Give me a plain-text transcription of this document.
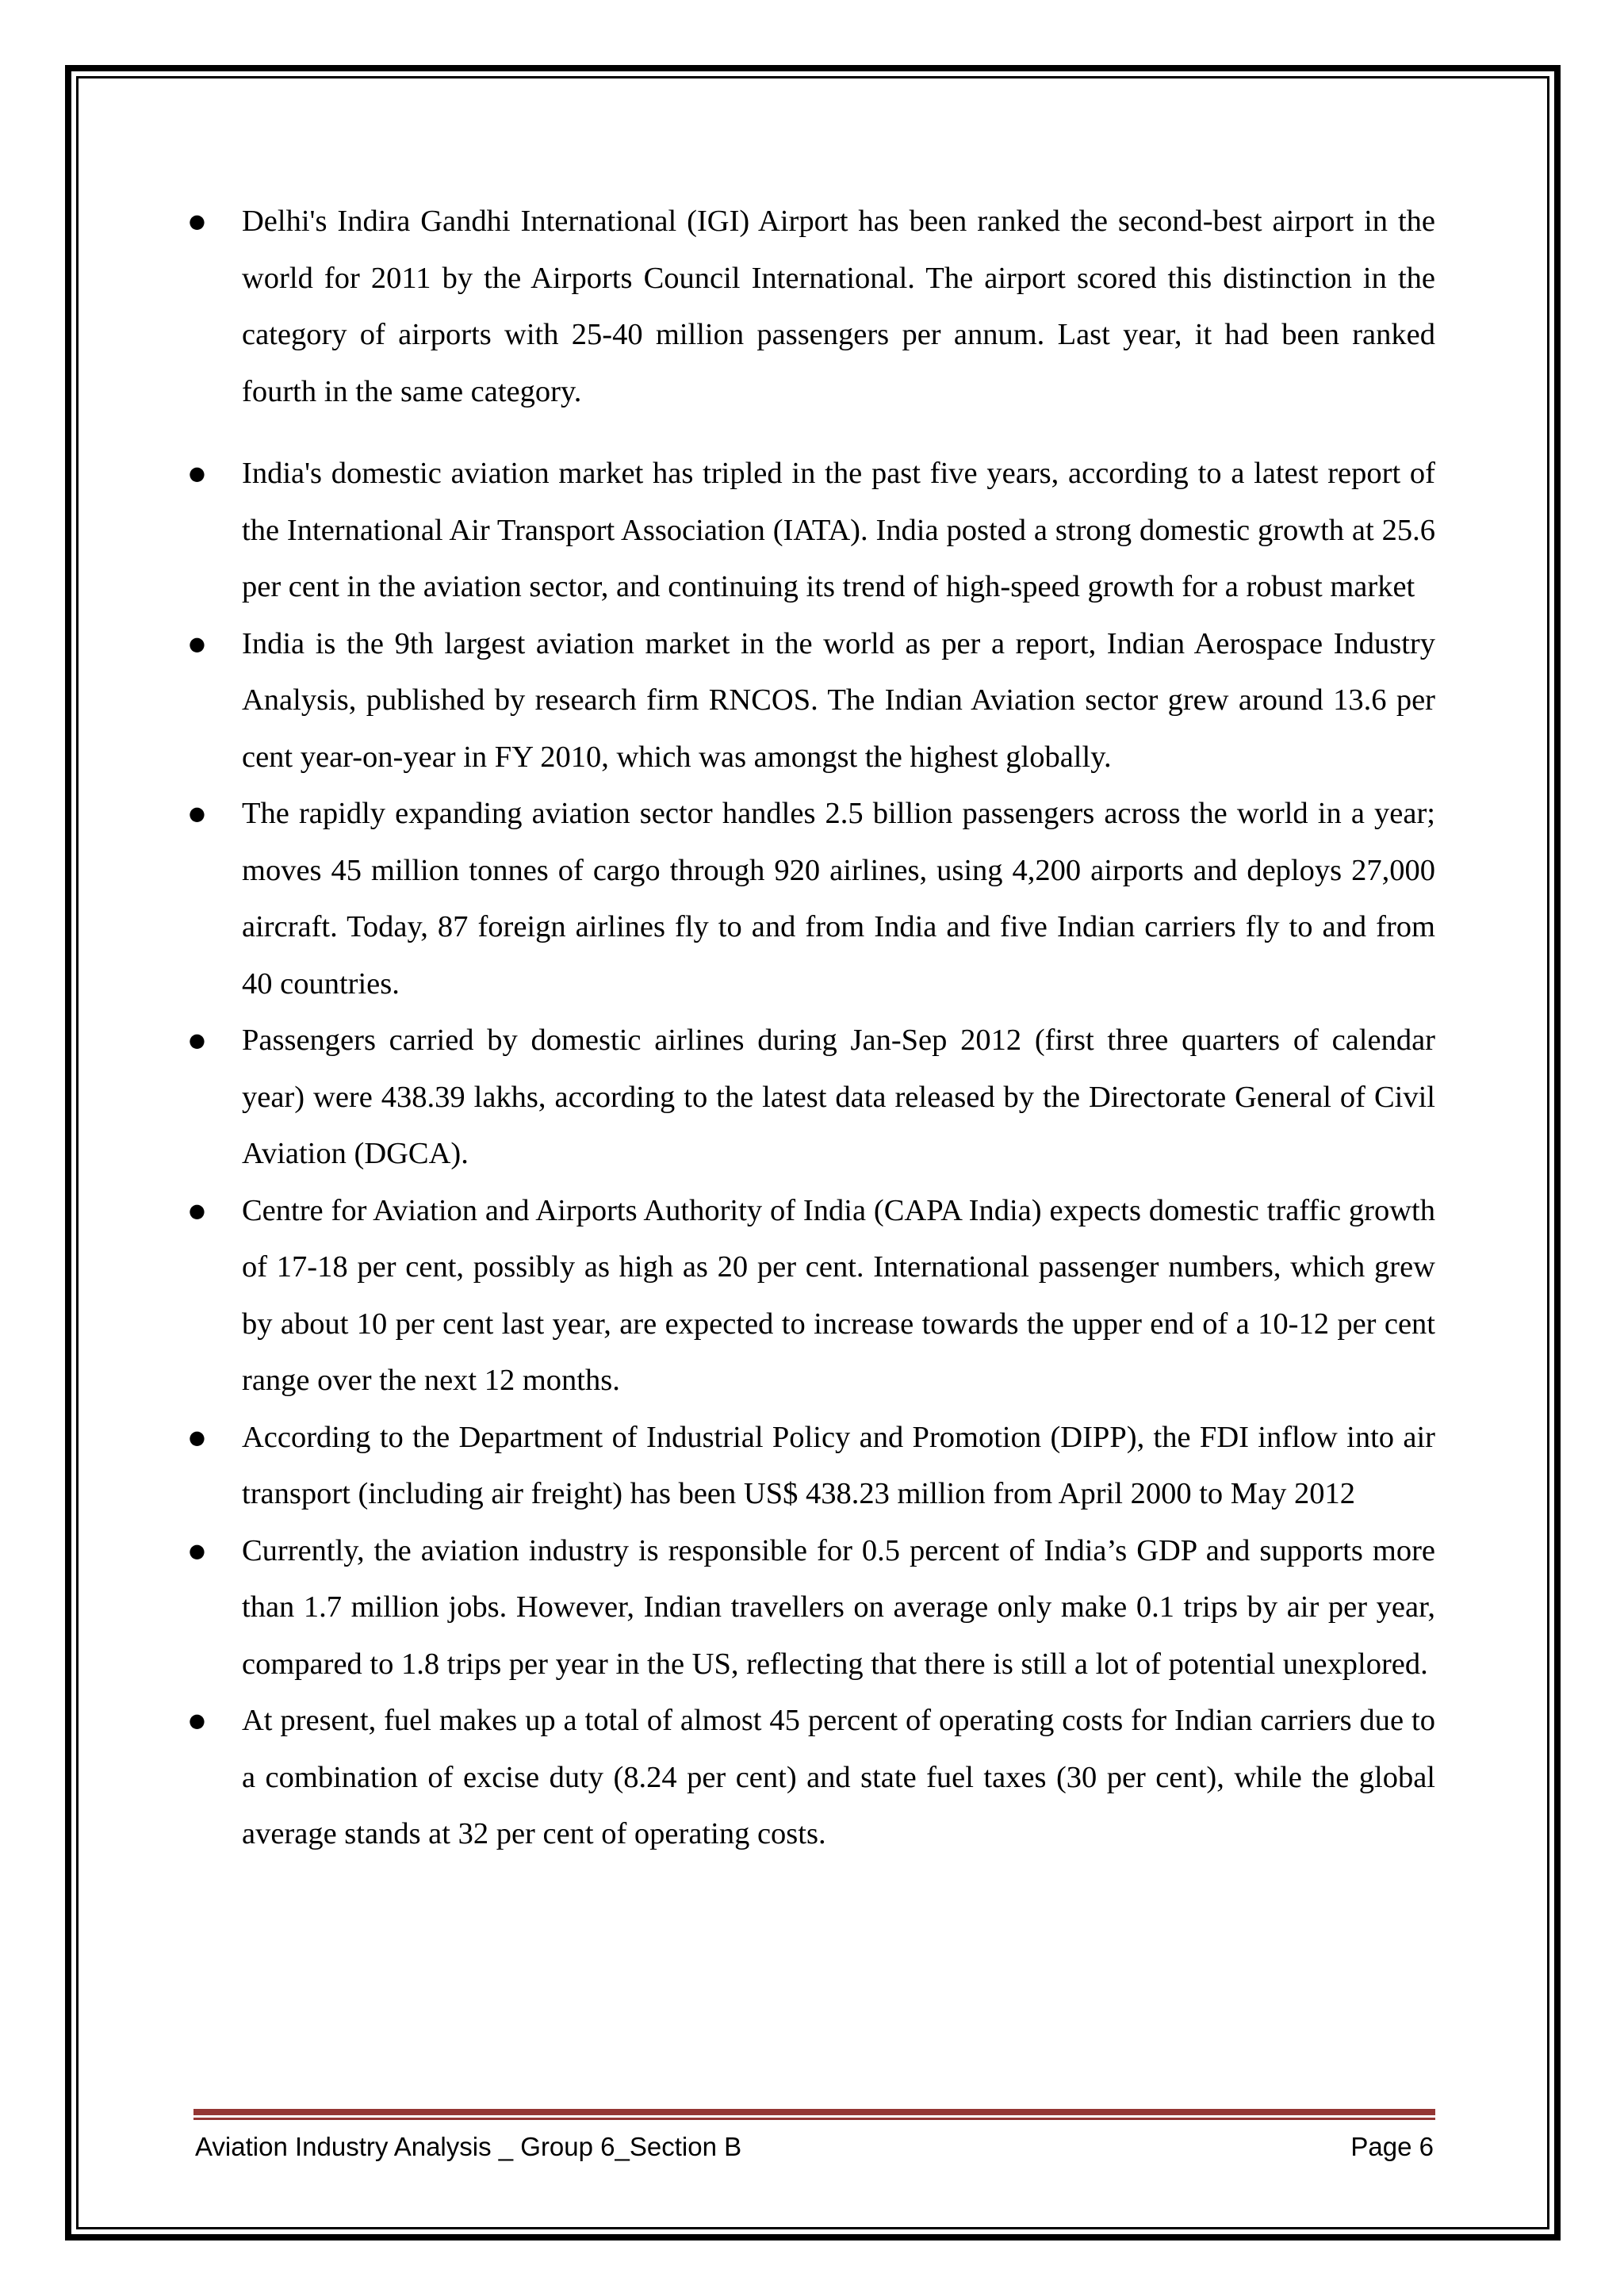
● Delhi's Indira Gandhi International (IGI) Airport has been ranked the second-best airport in the world for 2011 by the Airports Council International. The airport scored this distinction in the category of airports with 25-40 million passengers per annum. Last year, it had been ranked fourth in the same category.
● India's domestic aviation market has tripled in the past five years, according to a latest report of the International Air Transport Association (IATA). India posted a strong domestic growth at 25.6 per cent in the aviation sector, and continuing its trend of high-speed growth for a robust market
● India is the 9th largest aviation market in the world as per a report, Indian Aerospace Industry Analysis, published by research firm RNCOS. The Indian Aviation sector grew around 13.6 per cent year-on-year in FY 2010, which was amongst the highest globally.
● The rapidly expanding aviation sector handles 2.5 billion passengers across the world in a year; moves 45 million tonnes of cargo through 920 airlines, using 4,200 airports and deploys 27,000 aircraft. Today, 87 foreign airlines fly to and from India and five Indian carriers fly to and from 40 countries.
● Passengers carried by domestic airlines during Jan-Sep 2012 (first three quarters of calendar year) were 438.39 lakhs, according to the latest data released by the Directorate General of Civil Aviation (DGCA).
● Centre for Aviation and Airports Authority of India (CAPA India) expects domestic traffic growth of 17-18 per cent, possibly as high as 20 per cent. International passenger numbers, which grew by about 10 per cent last year, are expected to increase towards the upper end of a 10-12 per cent range over the next 12 months.
● According to the Department of Industrial Policy and Promotion (DIPP), the FDI inflow into air transport (including air freight) has been US$ 438.23 million from April 2000 to May 2012
● Currently, the aviation industry is responsible for 0.5 percent of India’s GDP and supports more than 1.7 million jobs. However, Indian travellers on average only make 0.1 trips by air per year, compared to 1.8 trips per year in the US, reflecting that there is still a lot of potential unexplored.
● At present, fuel makes up a total of almost 45 percent of operating costs for Indian carriers due to a combination of excise duty (8.24 per cent) and state fuel taxes (30 per cent), while the global average stands at 32 per cent of operating costs.
Aviation Industry Analysis _ Group 6_Section B	Page 6
